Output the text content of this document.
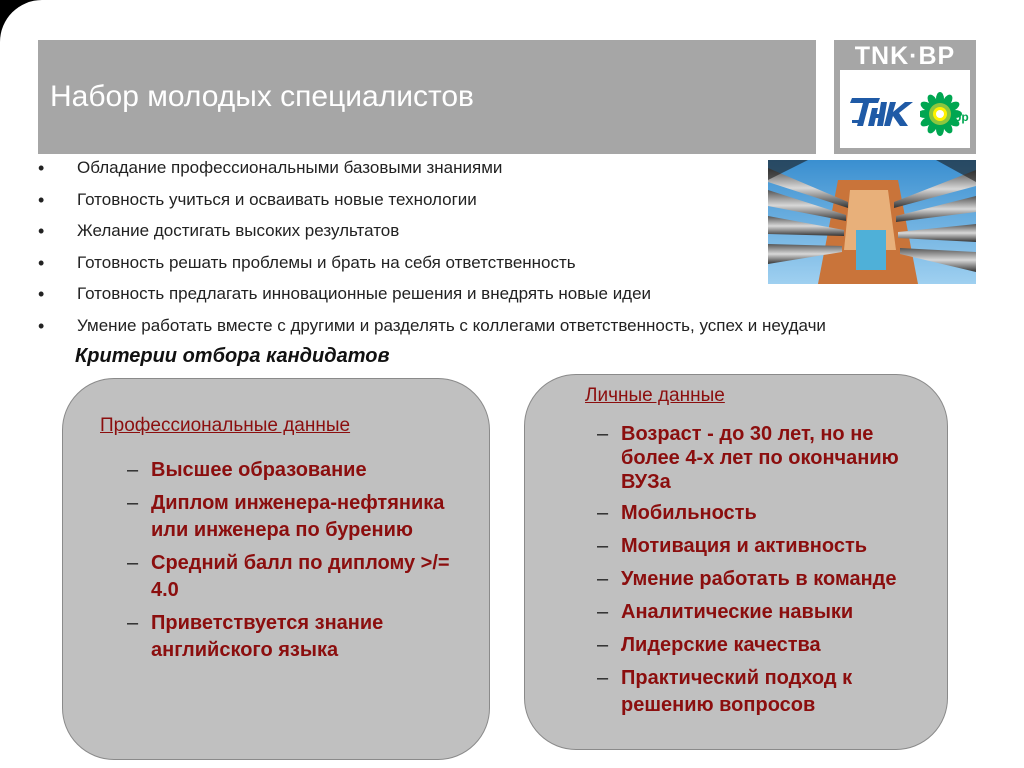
Набор молодых специалистов
TNK·BP
bp
• Обладание профессиональными базовыми знаниями
• Готовность учиться и осваивать новые технологии
• Желание достигать высоких результатов
• Готовность решать проблемы и брать на себя ответственность
• Готовность предлагать инновационные решения и внедрять новые идеи
• Умение работать вместе с другими и разделять с коллегами ответственность, успех и неудачи
Критерии отбора кандидатов
Профессиональные данные
– Высшее образование
– Диплом инженера-нефтяника или инженера по бурению
– Средний балл по диплому >/= 4.0
– Приветствуется знание английского языка
Личные данные
– Возраст - до 30 лет, но не более 4-х лет по окончанию ВУЗа
– Мобильность
– Мотивация и активность
– Умение работать в команде
– Аналитические навыки
– Лидерские качества
– Практический подход к решению вопросов
